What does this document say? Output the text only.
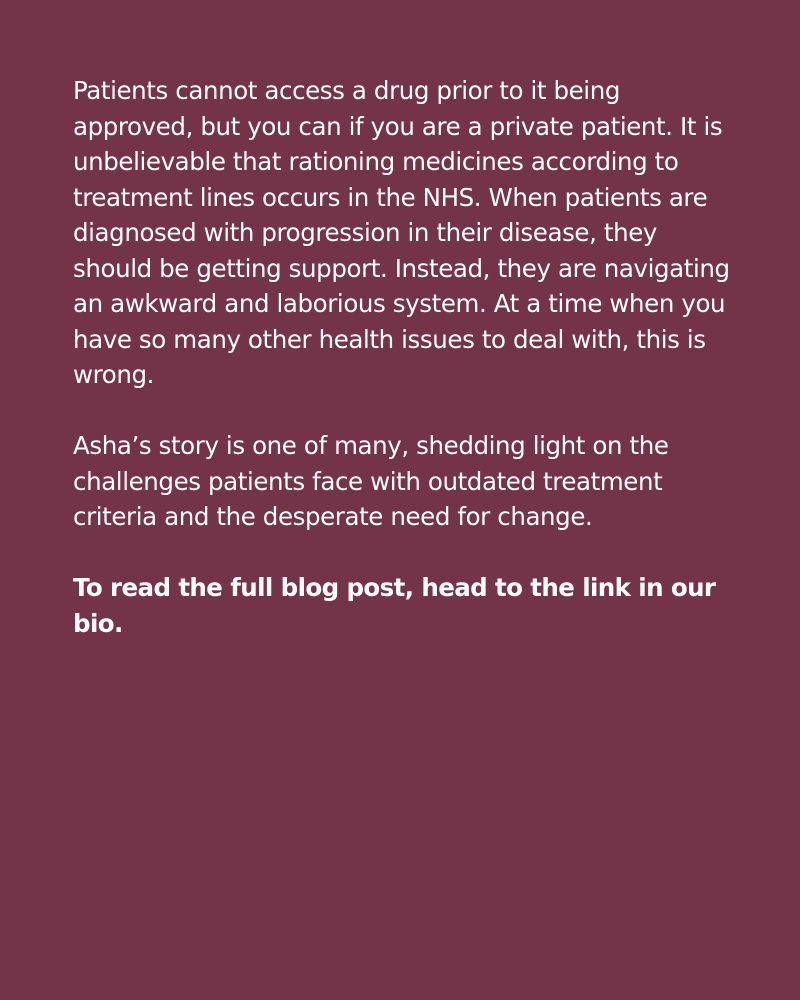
Patients cannot access a drug prior to it being approved, but you can if you are a private patient. It is unbelievable that rationing medicines according to treatment lines occurs in the NHS. When patients are diagnosed with progression in their disease, they should be getting support. Instead, they are navigating an awkward and laborious system. At a time when you have so many other health issues to deal with, this is wrong.

Asha’s story is one of many, shedding light on the challenges patients face with outdated treatment criteria and the desperate need for change.

To read the full blog post, head to the link in our bio.
